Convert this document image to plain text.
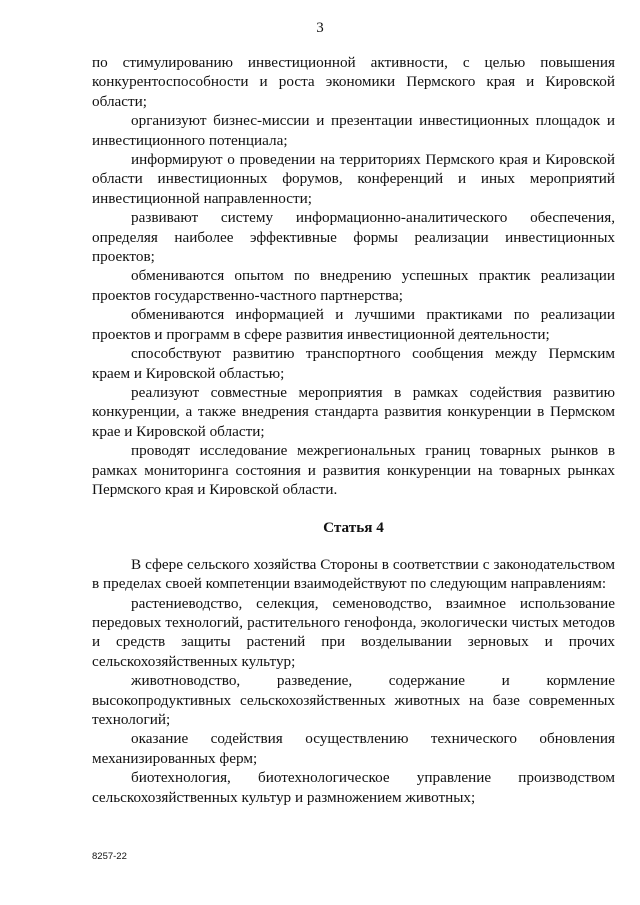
3

по стимулированию инвестиционной активности, с целью повышения конкурентоспособности и роста экономики Пермского края и Кировской области;

организуют бизнес-миссии и презентации инвестиционных площадок и инвестиционного потенциала;

информируют о проведении на территориях Пермского края и Кировской области инвестиционных форумов, конференций и иных мероприятий инвестиционной направленности;

развивают систему информационно-аналитического обеспечения, определяя наиболее эффективные формы реализации инвестиционных проектов;

обмениваются опытом по внедрению успешных практик реализации проектов государственно-частного партнерства;

обмениваются информацией и лучшими практиками по реализации проектов и программ в сфере развития инвестиционной деятельности;

способствуют развитию транспортного сообщения между Пермским краем и Кировской областью;

реализуют совместные мероприятия в рамках содействия развитию конкуренции, а также внедрения стандарта развития конкуренции в Пермском крае и Кировской области;

проводят исследование межрегиональных границ товарных рынков в рамках мониторинга состояния и развития конкуренции на товарных рынках Пермского края и Кировской области.

Статья 4

В сфере сельского хозяйства Стороны в соответствии с законодательством в пределах своей компетенции взаимодействуют по следующим направлениям:

растениеводство, селекция, семеноводство, взаимное использование передовых технологий, растительного генофонда, экологически чистых методов и средств защиты растений при возделывании зерновых и прочих сельскохозяйственных культур;

животноводство, разведение, содержание и кормление высокопродуктивных сельскохозяйственных животных на базе современных технологий;

оказание содействия осуществлению технического обновления механизированных ферм;

биотехнология, биотехнологическое управление производством сельскохозяйственных культур и размножением животных;

8257-22
